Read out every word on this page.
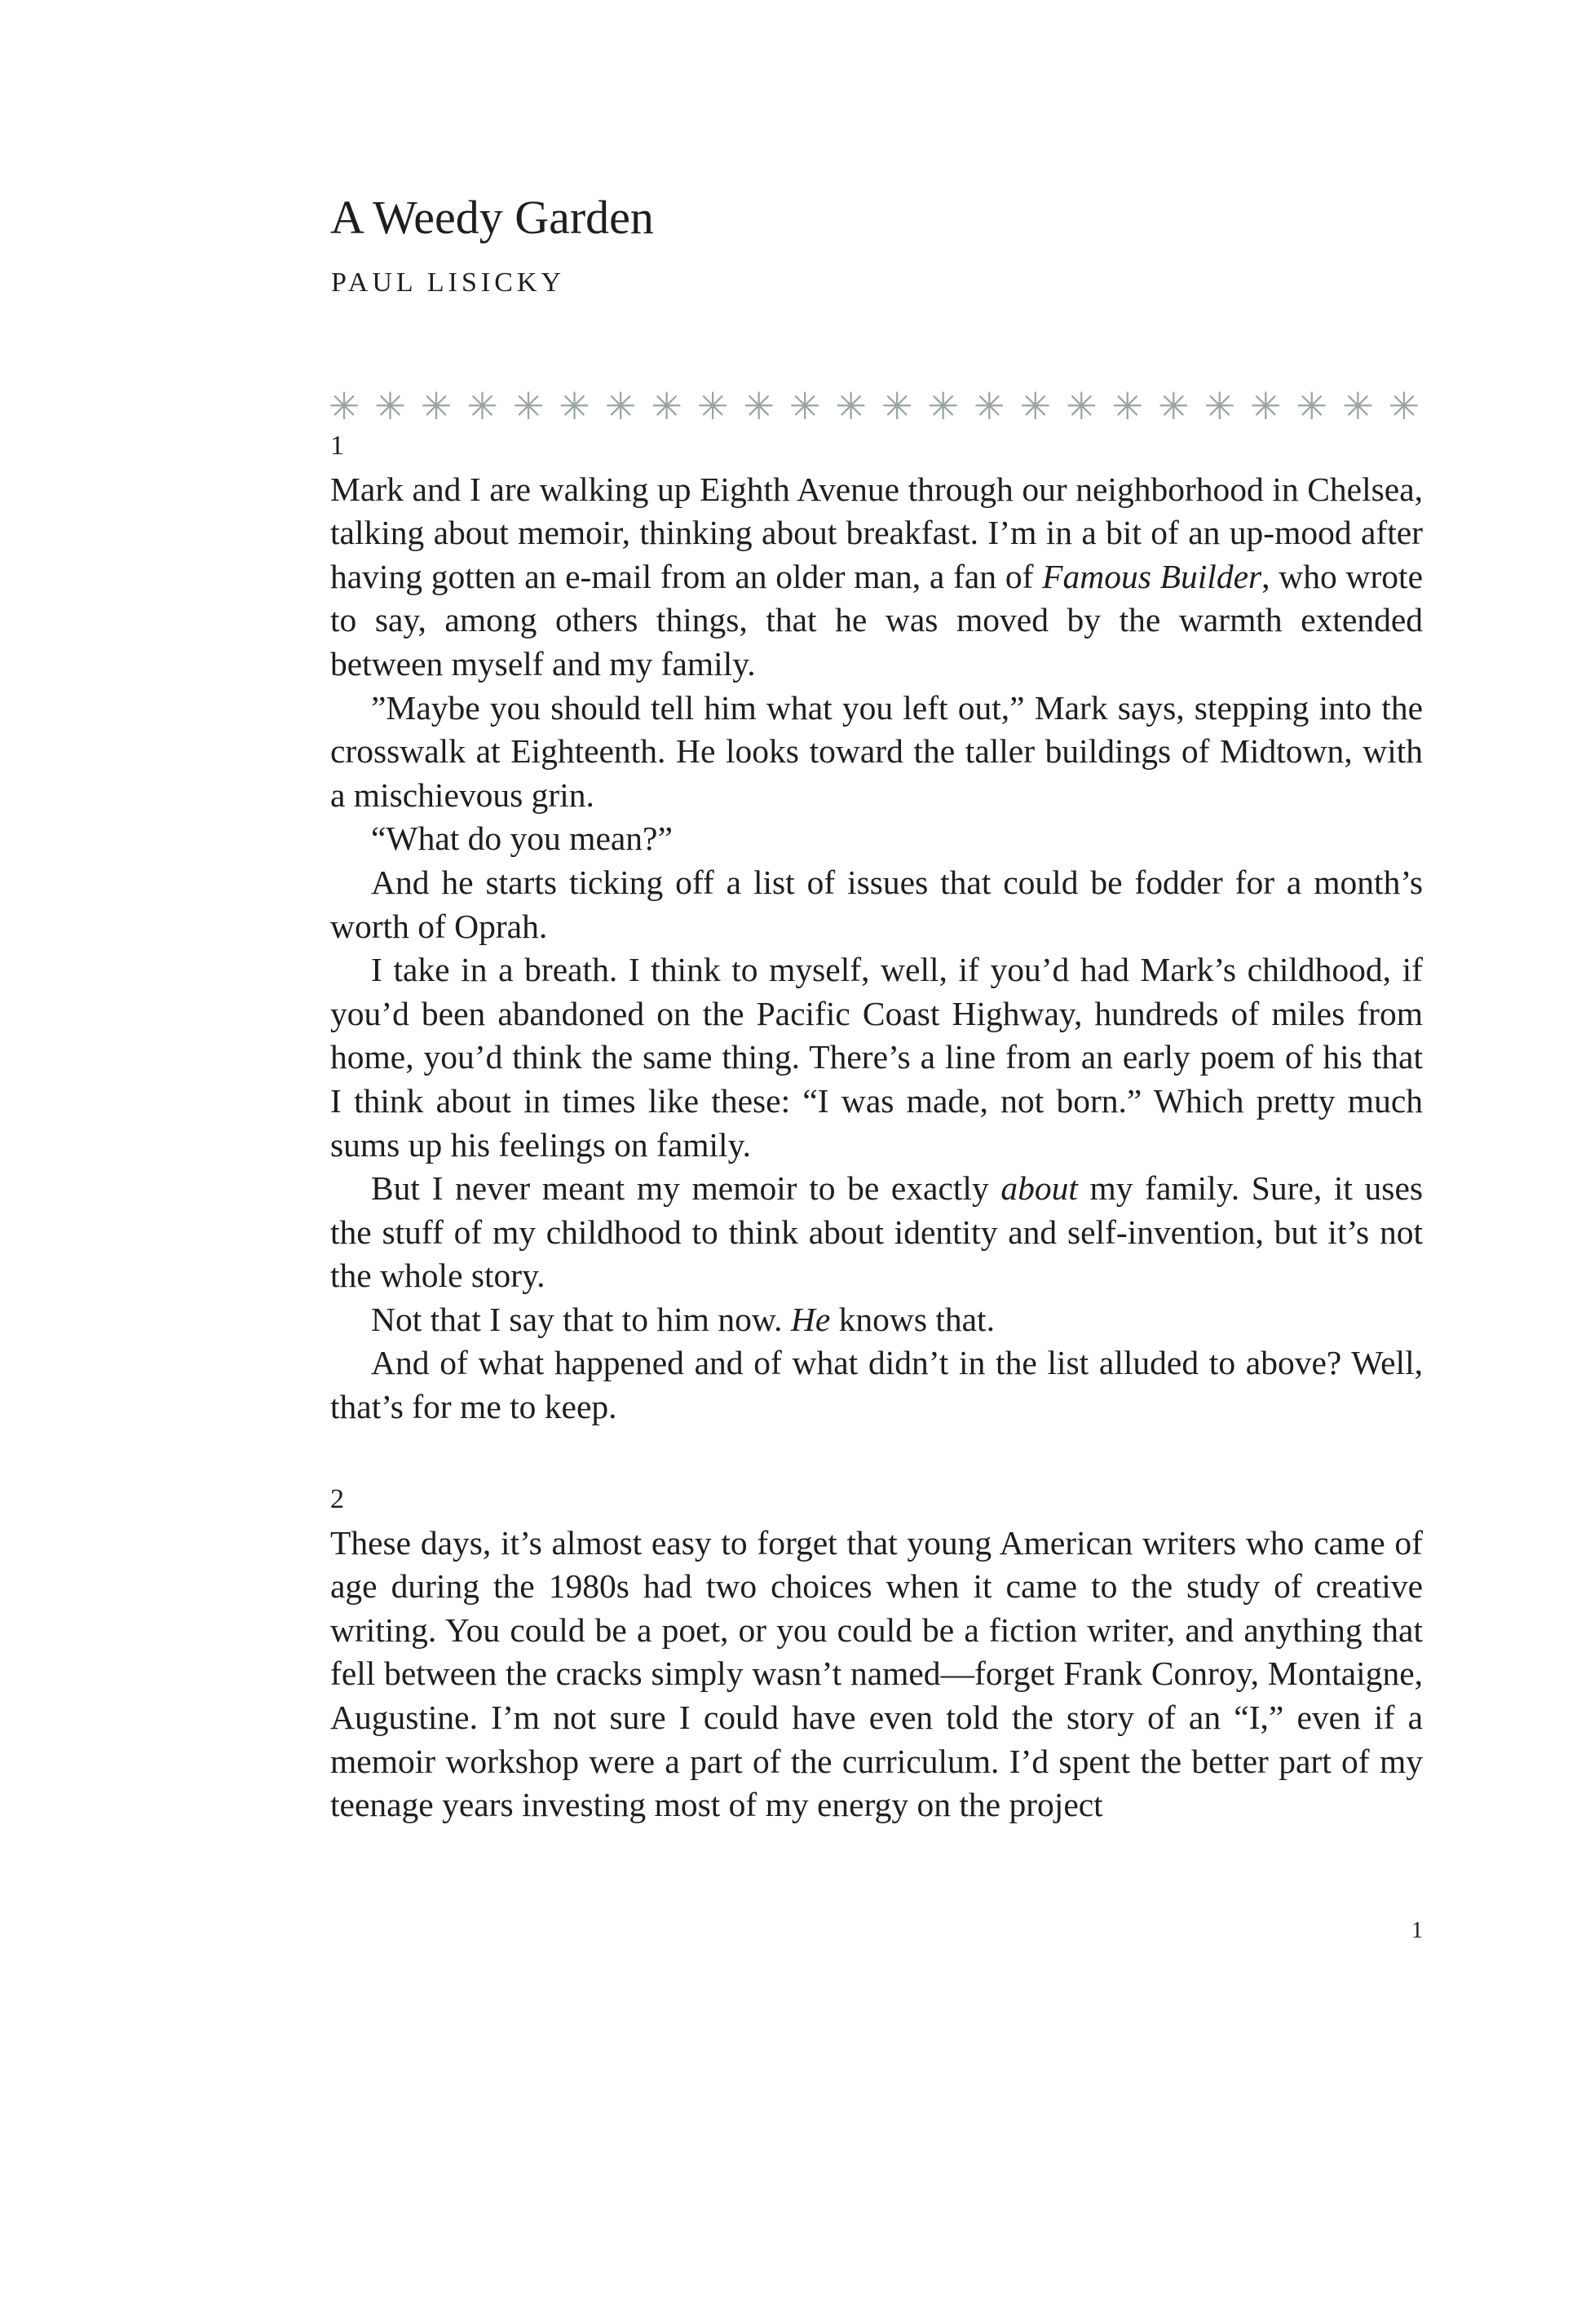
A Weedy Garden
PAUL LISICKY
✳ ✳ ✳ ✳ ✳ ✳ ✳ ✳ ✳ ✳ ✳ ✳ ✳ ✳ ✳ ✳ ✳ ✳ ✳ ✳ ✳ ✳ ✳ ✳
1

Mark and I are walking up Eighth Avenue through our neighborhood in Chelsea, talking about memoir, thinking about breakfast. I’m in a bit of an up-mood after having gotten an e-mail from an older man, a fan of Famous Builder, who wrote to say, among others things, that he was moved by the warmth extended between myself and my family.

”Maybe you should tell him what you left out,” Mark says, stepping into the crosswalk at Eighteenth. He looks toward the taller buildings of Midtown, with a mischievous grin.

“What do you mean?”

And he starts ticking off a list of issues that could be fodder for a month’s worth of Oprah.

I take in a breath. I think to myself, well, if you’d had Mark’s childhood, if you’d been abandoned on the Pacific Coast Highway, hundreds of miles from home, you’d think the same thing. There’s a line from an early poem of his that I think about in times like these: “I was made, not born.” Which pretty much sums up his feelings on family.

But I never meant my memoir to be exactly about my family. Sure, it uses the stuff of my childhood to think about identity and self-invention, but it’s not the whole story.

Not that I say that to him now. He knows that.

And of what happened and of what didn’t in the list alluded to above? Well, that’s for me to keep.

2

These days, it’s almost easy to forget that young American writers who came of age during the 1980s had two choices when it came to the study of creative writing. You could be a poet, or you could be a fiction writer, and anything that fell between the cracks simply wasn’t named—forget Frank Conroy, Montaigne, Augustine. I’m not sure I could have even told the story of an “I,” even if a memoir workshop were a part of the curriculum. I’d spent the better part of my teenage years investing most of my energy on the project

1
